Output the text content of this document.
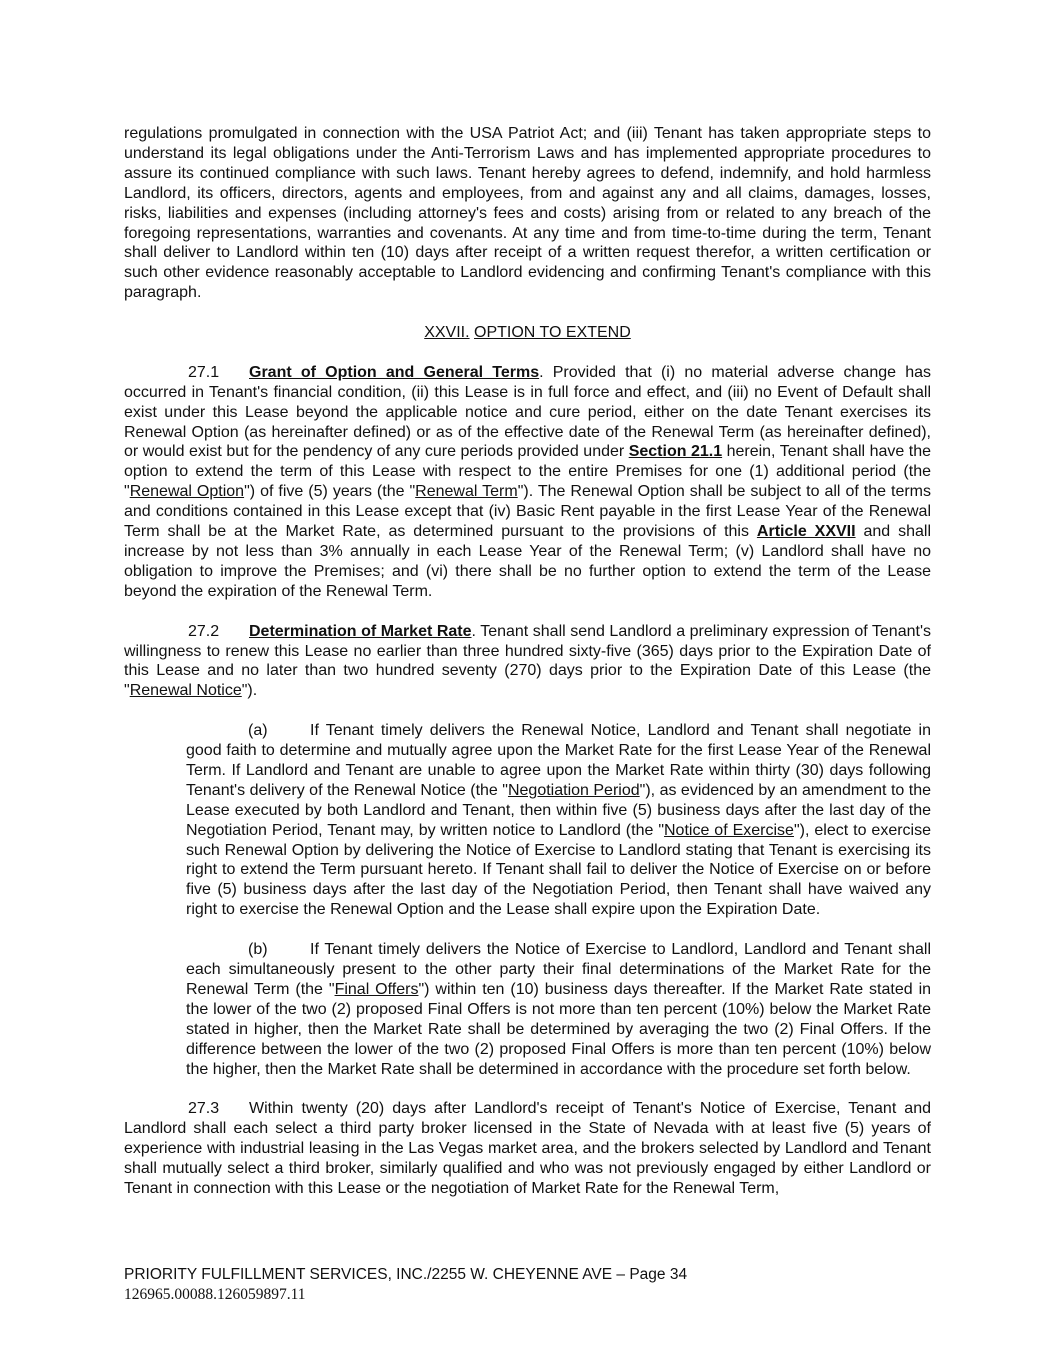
regulations promulgated in connection with the USA Patriot Act; and (iii) Tenant has taken appropriate steps to understand its legal obligations under the Anti-Terrorism Laws and has implemented appropriate procedures to assure its continued compliance with such laws. Tenant hereby agrees to defend, indemnify, and hold harmless Landlord, its officers, directors, agents and employees, from and against any and all claims, damages, losses, risks, liabilities and expenses (including attorney's fees and costs) arising from or related to any breach of the foregoing representations, warranties and covenants. At any time and from time-to-time during the term, Tenant shall deliver to Landlord within ten (10) days after receipt of a written request therefor, a written certification or such other evidence reasonably acceptable to Landlord evidencing and confirming Tenant's compliance with this paragraph.

XXVII. OPTION TO EXTEND

27.1 Grant of Option and General Terms. Provided that (i) no material adverse change has occurred in Tenant's financial condition, (ii) this Lease is in full force and effect, and (iii) no Event of Default shall exist under this Lease beyond the applicable notice and cure period, either on the date Tenant exercises its Renewal Option (as hereinafter defined) or as of the effective date of the Renewal Term (as hereinafter defined), or would exist but for the pendency of any cure periods provided under Section 21.1 herein, Tenant shall have the option to extend the term of this Lease with respect to the entire Premises for one (1) additional period (the "Renewal Option") of five (5) years (the "Renewal Term"). The Renewal Option shall be subject to all of the terms and conditions contained in this Lease except that (iv) Basic Rent payable in the first Lease Year of the Renewal Term shall be at the Market Rate, as determined pursuant to the provisions of this Article XXVII and shall increase by not less than 3% annually in each Lease Year of the Renewal Term; (v) Landlord shall have no obligation to improve the Premises; and (vi) there shall be no further option to extend the term of the Lease beyond the expiration of the Renewal Term.

27.2 Determination of Market Rate. Tenant shall send Landlord a preliminary expression of Tenant's willingness to renew this Lease no earlier than three hundred sixty-five (365) days prior to the Expiration Date of this Lease and no later than two hundred seventy (270) days prior to the Expiration Date of this Lease (the "Renewal Notice").

(a)	If Tenant timely delivers the Renewal Notice, Landlord and Tenant shall negotiate in good faith to determine and mutually agree upon the Market Rate for the first Lease Year of the Renewal Term. If Landlord and Tenant are unable to agree upon the Market Rate within thirty (30) days following Tenant's delivery of the Renewal Notice (the "Negotiation Period"), as evidenced by an amendment to the Lease executed by both Landlord and Tenant, then within five (5) business days after the last day of the Negotiation Period, Tenant may, by written notice to Landlord (the "Notice of Exercise"), elect to exercise such Renewal Option by delivering the Notice of Exercise to Landlord stating that Tenant is exercising its right to extend the Term pursuant hereto. If Tenant shall fail to deliver the Notice of Exercise on or before five (5) business days after the last day of the Negotiation Period, then Tenant shall have waived any right to exercise the Renewal Option and the Lease shall expire upon the Expiration Date.

(b)	If Tenant timely delivers the Notice of Exercise to Landlord, Landlord and Tenant shall each simultaneously present to the other party their final determinations of the Market Rate for the Renewal Term (the "Final Offers") within ten (10) business days thereafter. If the Market Rate stated in the lower of the two (2) proposed Final Offers is not more than ten percent (10%) below the Market Rate stated in higher, then the Market Rate shall be determined by averaging the two (2) Final Offers. If the difference between the lower of the two (2) proposed Final Offers is more than ten percent (10%) below the higher, then the Market Rate shall be determined in accordance with the procedure set forth below.

27.3 Within twenty (20) days after Landlord's receipt of Tenant's Notice of Exercise, Tenant and Landlord shall each select a third party broker licensed in the State of Nevada with at least five (5) years of experience with industrial leasing in the Las Vegas market area, and the brokers selected by Landlord and Tenant shall mutually select a third broker, similarly qualified and who was not previously engaged by either Landlord or Tenant in connection with this Lease or the negotiation of Market Rate for the Renewal Term,

PRIORITY FULFILLMENT SERVICES, INC./2255 W. CHEYENNE AVE – Page 34
126965.00088.126059897.11
